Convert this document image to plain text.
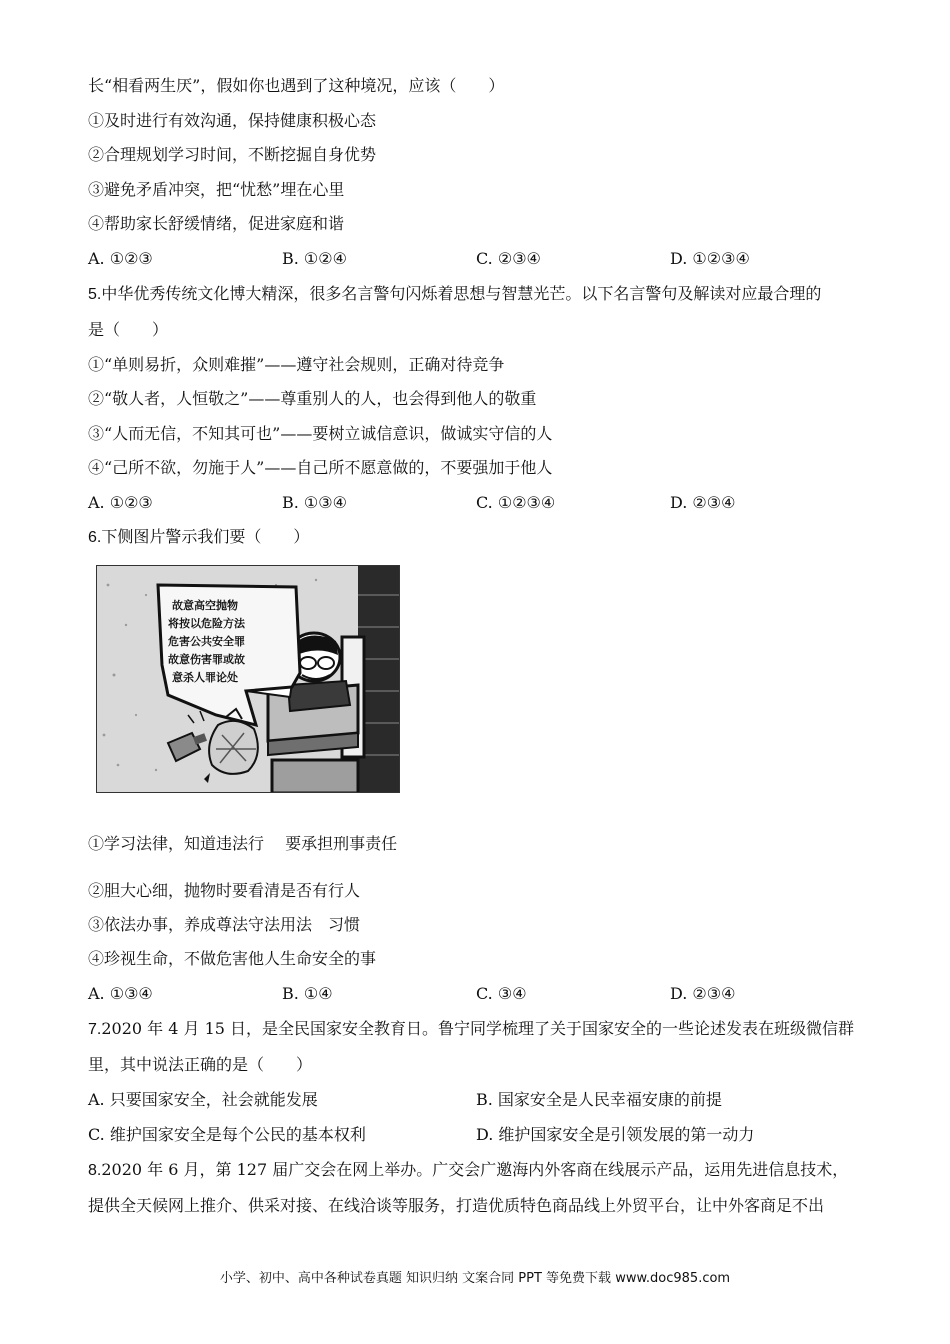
长“相看两生厌”，假如你也遇到了这种境况，应该（　　）
①及时进行有效沟通，保持健康积极心态
②合理规划学习时间，不断挖掘自身优势
③避免矛盾冲突，把“忧愁”埋在心里
④帮助家长舒缓情绪，促进家庭和谐
A. ①②③	B. ①②④	C. ②③④	D. ①②③④
5.中华优秀传统文化博大精深，很多名言警句闪烁着思想与智慧光芒。以下名言警句及解读对应最合理的
是（　　）
①“单则易折，众则难摧”——遵守社会规则，正确对待竞争
②“敬人者，人恒敬之”——尊重别人的人，也会得到他人的敬重
③“人而无信，不知其可也”——要树立诚信意识，做诚实守信的人
④“己所不欲，勿施于人”——自己所不愿意做的，不要强加于他人
A. ①②③	B. ①③④	C. ①②③④	D. ②③④
6.下侧图片警示我们要（　　）
故意高空抛物
将按以危险方法
危害公共安全罪
故意伤害罪或故
意杀人罪论处
①学习法律，知道违法行　 要承担刑事责任
②胆大心细，抛物时要看清是否有行人
③依法办事，养成尊法守法用法　习惯
④珍视生命，不做危害他人生命安全的事
A. ①③④	B. ①④	C. ③④	D. ②③④
7.2020 年 4 月 15 日，是全民国家安全教育日。鲁宁同学梳理了关于国家安全的一些论述发表在班级微信群
里，其中说法正确的是（　　）
A. 只要国家安全，社会就能发展	B. 国家安全是人民幸福安康的前提
C. 维护国家安全是每个公民的基本权利	D. 维护国家安全是引领发展的第一动力
8.2020 年 6 月，第 127 届广交会在网上举办。广交会广邀海内外客商在线展示产品，运用先进信息技术，
提供全天候网上推介、供采对接、在线洽谈等服务，打造优质特色商品线上外贸平台，让中外客商足不出
小学、初中、高中各种试卷真题 知识归纳 文案合同 PPT 等免费下载 www.doc985.com
